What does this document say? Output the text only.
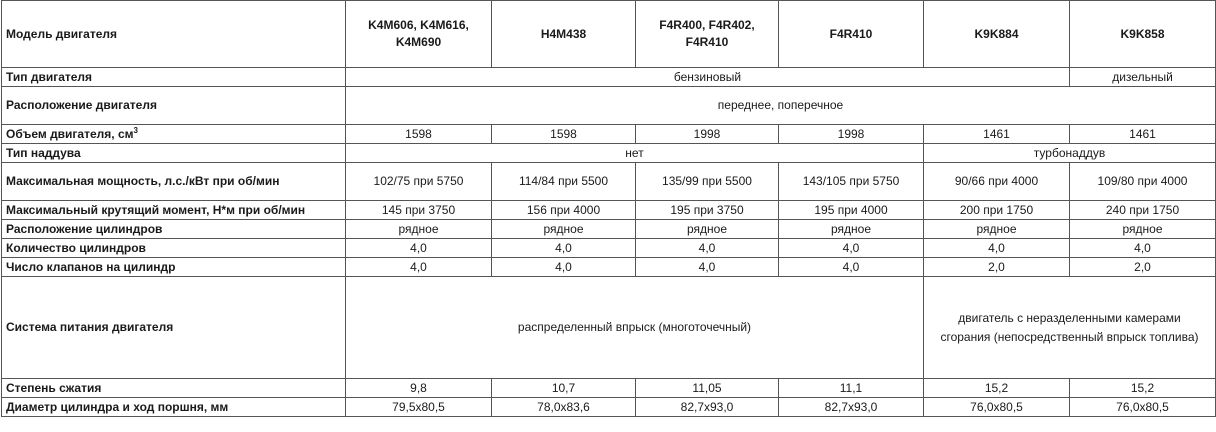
Модель двигателя	K4M606, K4M616, K4M690	H4M438	F4R400, F4R402, F4R410	F4R410	K9K884	K9K858
Тип двигателя	бензиновый					дизельный
Расположение двигателя	переднее, поперечное					
Объем двигателя, $см^3$	1598	1598	1998	1998	1461	1461
Тип наддува	нет				турбонаддув	
Максимальная мощность, л.с./кВт при об/мин	102/75 при 5750	114/84 при 5500	135/99 при 5500	143/105 при 5750	90/66 при 4000	109/80 при 4000
Максимальный крутящий момент, Н*м при об/мин	145 при 3750	156 при 4000	195 при 3750	195 при 4000	200 при 1750	240 при 1750
Расположение цилиндров	рядное	рядное	рядное	рядное	рядное	рядное
Количество цилиндров	4,0	4,0	4,0	4,0	4,0	4,0
Число клапанов на цилиндр	4,0	4,0	4,0	4,0	2,0	2,0
Система питания двигателя	распределенный впрыск (многоточечный)				двигатель с неразделенными камерами сгорания (непосредственный впрыск топлива)	
Степень сжатия	9,8	10,7	11,05	11,1	15,2	15,2
Диаметр цилиндра и ход поршня, мм	79,5x80,5	78,0x83,6	82,7x93,0	82,7x93,0	76,0x80,5	76,0x80,5
